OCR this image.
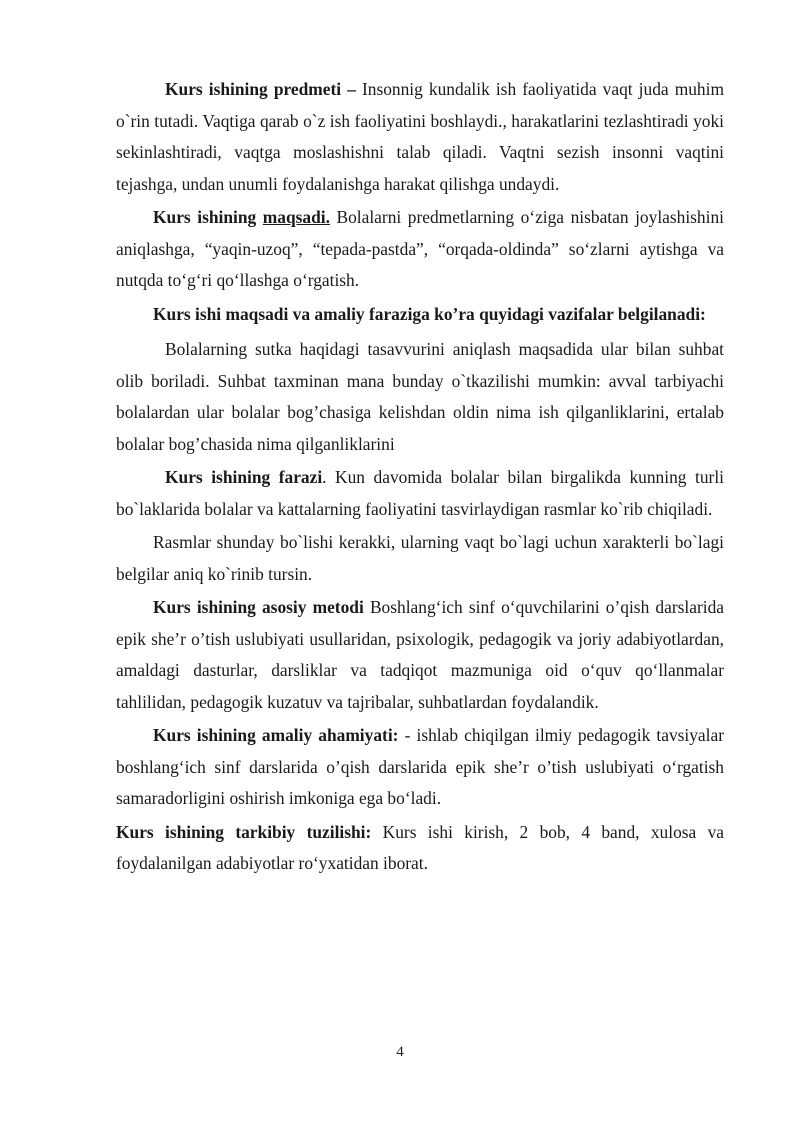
Kurs ishining predmeti – Insonnig kundalik ish faoliyatida vaqt juda muhim o`rin tutadi. Vaqtiga qarab o`z ish faoliyatini boshlaydi., harakatlarini tezlashtiradi yoki sekinlashtiradi, vaqtga moslashishni talab qiladi. Vaqtni sezish insonni vaqtini tejashga, undan unumli foydalanishga harakat qilishga undaydi.

Kurs ishining maqsadi. Bolalarni predmetlarning o‘ziga nisbatan joylashishini aniqlashga, “yaqin-uzoq”, “tepada-pastda”, “orqada-oldinda” so‘zlarni aytishga va nutqda to‘g‘ri qo‘llashga o‘rgatish.

Kurs ishi maqsadi va amaliy faraziga ko’ra quyidagi vazifalar belgilanadi:

Bolalarning sutka haqidagi tasavvurini aniqlash maqsadida ular bilan suhbat olib boriladi. Suhbat taxminan mana bunday o`tkazilishi mumkin: avval tarbiyachi bolalardan ular bolalar bog’chasiga kelishdan oldin nima ish qilganliklarini, ertalab bolalar bog’chasida nima qilganliklarini

Kurs ishining farazi. Kun davomida bolalar bilan birgalikda kunning turli bo`laklarida bolalar va kattalarning faoliyatini tasvirlaydigan rasmlar ko`rib chiqiladi.

Rasmlar shunday bo`lishi kerakki, ularning vaqt bo`lagi uchun xarakterli bo`lagi belgilar aniq ko`rinib tursin.

Kurs ishining asosiy metodi Boshlang‘ich sinf o‘quvchilarini o’qish darslarida epik she’r o’tish uslubiyati usullaridan, psixologik, pedagogik va joriy adabiyotlardan, amaldagi dasturlar, darsliklar va tadqiqot mazmuniga oid o‘quv qo‘llanmalar tahlilidan, pedagogik kuzatuv va tajribalar, suhbatlardan foydalandik.

Kurs ishining amaliy ahamiyati: - ishlab chiqilgan ilmiy pedagogik tavsiyalar boshlang‘ich sinf darslarida o’qish darslarida epik she’r o’tish uslubiyati o‘rgatish samaradorligini oshirish imkoniga ega bo‘ladi.

Kurs ishining tarkibiy tuzilishi: Kurs ishi kirish, 2 bob, 4 band, xulosa va foydalanilgan adabiyotlar ro‘yxatidan iborat.

4
